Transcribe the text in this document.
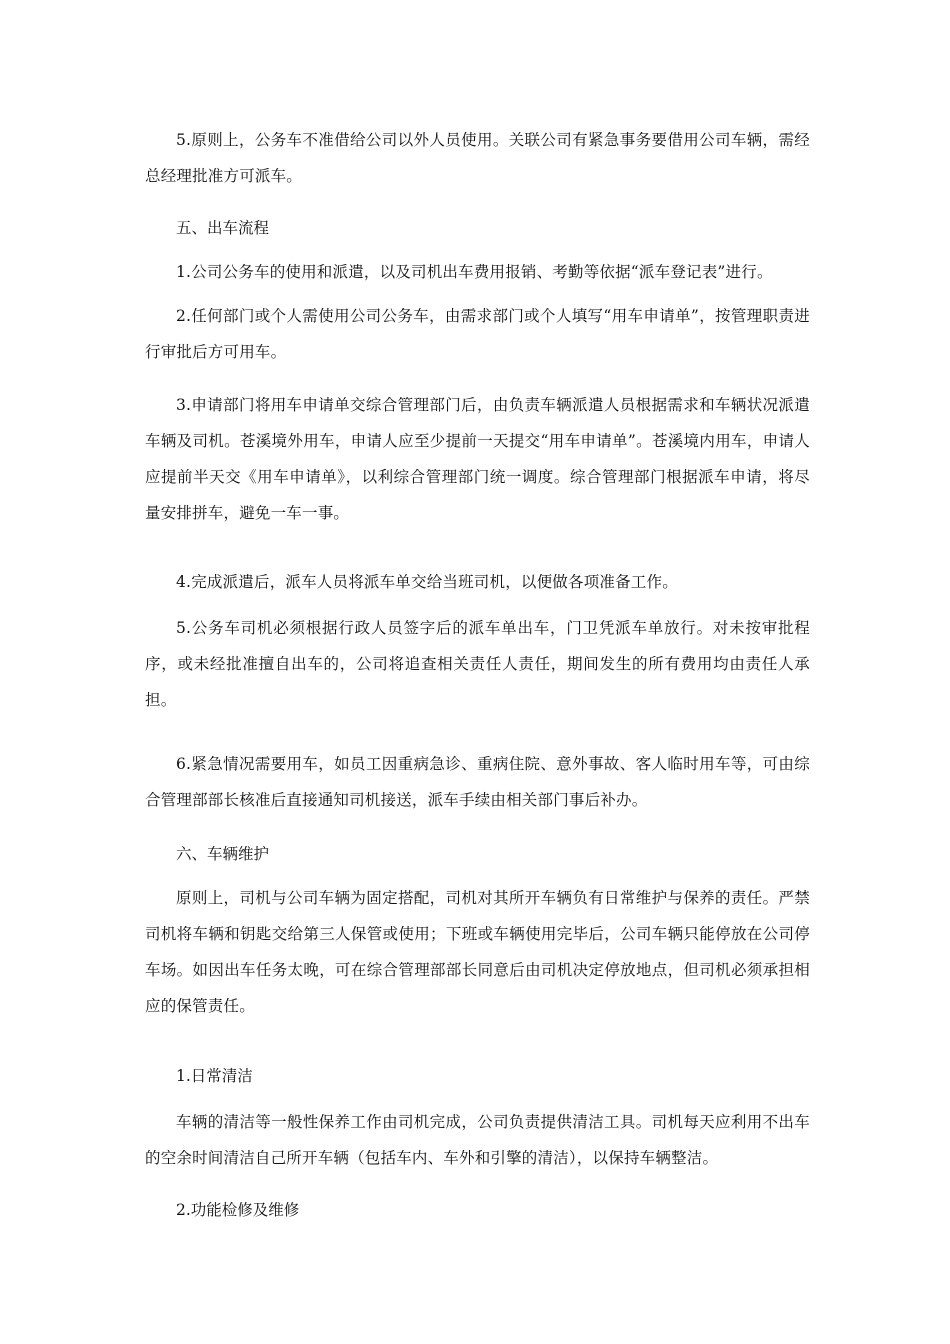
5.原则上，公务车不准借给公司以外人员使用。关联公司有紧急事务要借用公司车辆，需经总经理批准方可派车。

五、出车流程

1.公司公务车的使用和派遣，以及司机出车费用报销、考勤等依据“派车登记表”进行。

2.任何部门或个人需使用公司公务车，由需求部门或个人填写“用车申请单”，按管理职责进行审批后方可用车。

3.申请部门将用车申请单交综合管理部门后，由负责车辆派遣人员根据需求和车辆状况派遣车辆及司机。苍溪境外用车，申请人应至少提前一天提交“用车申请单”。苍溪境内用车，申请人应提前半天交《用车申请单》，以利综合管理部门统一调度。综合管理部门根据派车申请，将尽量安排拼车，避免一车一事。

4.完成派遣后，派车人员将派车单交给当班司机，以便做各项准备工作。

5.公务车司机必须根据行政人员签字后的派车单出车，门卫凭派车单放行。对未按审批程序，或未经批准擅自出车的，公司将追查相关责任人责任，期间发生的所有费用均由责任人承担。

6.紧急情况需要用车，如员工因重病急诊、重病住院、意外事故、客人临时用车等，可由综合管理部部长核准后直接通知司机接送，派车手续由相关部门事后补办。

六、车辆维护

原则上，司机与公司车辆为固定搭配，司机对其所开车辆负有日常维护与保养的责任。严禁司机将车辆和钥匙交给第三人保管或使用；下班或车辆使用完毕后，公司车辆只能停放在公司停车场。如因出车任务太晚，可在综合管理部部长同意后由司机决定停放地点，但司机必须承担相应的保管责任。

1.日常清洁

车辆的清洁等一般性保养工作由司机完成，公司负责提供清洁工具。司机每天应利用不出车的空余时间清洁自己所开车辆（包括车内、车外和引擎的清洁），以保持车辆整洁。

2.功能检修及维修
